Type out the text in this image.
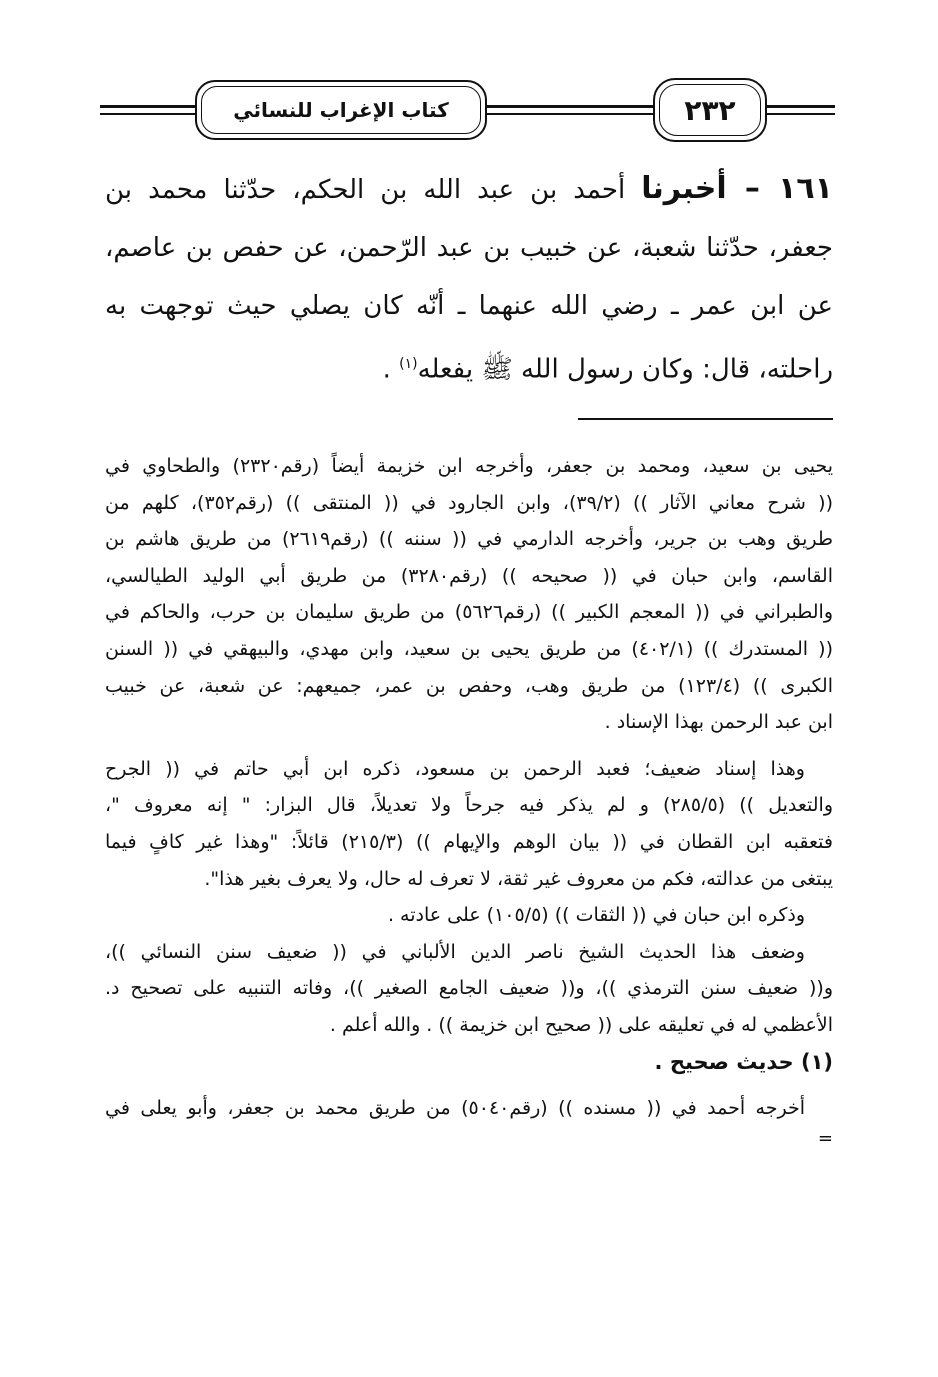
كتاب الإغراب للنسائي	٢٣٢
١٦١ – أخبرنا أحمد بن عبد الله بن الحكم، حدّثنا محمد بن
جعفر، حدّثنا شعبة، عن خبيب بن عبد الرّحمن، عن حفص بن عاصم،
عن ابن عمر ـ رضي الله عنهما ـ أنّه كان يصلي حيث توجهت به
راحلته، قال: وكان رسول الله ﷺ يفعله$^{(١)}$ .
يحيى بن سعيد، ومحمد بن جعفر، وأخرجه ابن خزيمة أيضاً (رقم٢٣٢٠) والطحاوي في
(( شرح معاني الآثار )) (٣٩/٢)، وابن الجارود في (( المنتقى )) (رقم٣٥٢)، كلهم من
طريق وهب بن جرير، وأخرجه الدارمي في (( سننه )) (رقم٢٦١٩) من طريق هاشم بن
القاسم، وابن حبان في (( صحيحه )) (رقم٣٢٨٠) من طريق أبي الوليد الطيالسي،
والطبراني في (( المعجم الكبير )) (رقم٥٦٢٦) من طريق سليمان بن حرب، والحاكم في
(( المستدرك )) (٤٠٢/١) من طريق يحيى بن سعيد، وابن مهدي، والبيهقي في (( السنن
الكبرى )) (١٢٣/٤) من طريق وهب، وحفص بن عمر، جميعهم: عن شعبة، عن خبيب
ابن عبد الرحمن بهذا الإسناد .
وهذا إسناد ضعيف؛ فعبد الرحمن بن مسعود، ذكره ابن أبي حاتم في (( الجرح
والتعديل )) (٢٨٥/٥) و لم يذكر فيه جرحاً ولا تعديلاً، قال البزار: " إنه معروف "،
فتعقبه ابن القطان في (( بيان الوهم والإيهام )) (٢١٥/٣) قائلاً: "وهذا غير كافٍ فيما
يبتغى من عدالته، فكم من معروف غير ثقة، لا تعرف له حال، ولا يعرف بغير هذا".
وذكره ابن حبان في (( الثقات )) (١٠٥/٥) على عادته .
وضعف هذا الحديث الشيخ ناصر الدين الألباني في (( ضعيف سنن النسائي ))،
و(( ضعيف سنن الترمذي ))، و(( ضعيف الجامع الصغير ))، وفاته التنبيه على تصحيح د.
الأعظمي له في تعليقه على (( صحيح ابن خزيمة )) . والله أعلم .
(١) حديث صحيح .
أخرجه أحمد في (( مسنده )) (رقم٥٠٤٠) من طريق محمد بن جعفر، وأبو يعلى في
=
